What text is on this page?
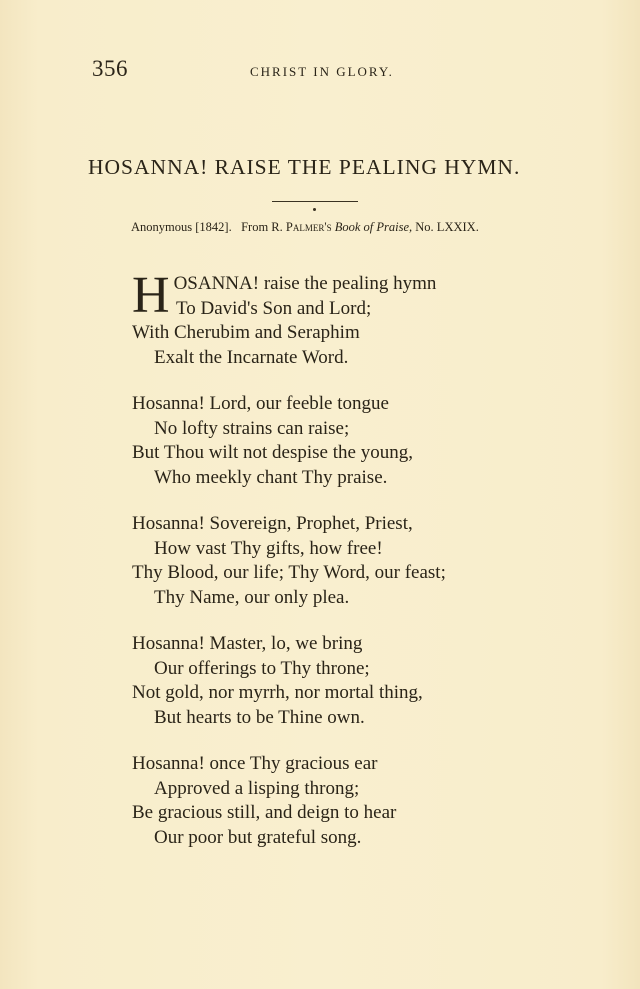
356	CHRIST IN GLORY.
HOSANNA! RAISE THE PEALING HYMN.
Anonymous [1842]. From R. Palmer's Book of Praise, No. LXXIX.
HOSANNA! raise the pealing hymn
To David's Son and Lord;
With Cherubim and Seraphim
Exalt the Incarnate Word.
Hosanna! Lord, our feeble tongue
No lofty strains can raise;
But Thou wilt not despise the young,
Who meekly chant Thy praise.
Hosanna! Sovereign, Prophet, Priest,
How vast Thy gifts, how free!
Thy Blood, our life; Thy Word, our feast;
Thy Name, our only plea.
Hosanna! Master, lo, we bring
Our offerings to Thy throne;
Not gold, nor myrrh, nor mortal thing,
But hearts to be Thine own.
Hosanna! once Thy gracious ear
Approved a lisping throng;
Be gracious still, and deign to hear
Our poor but grateful song.
